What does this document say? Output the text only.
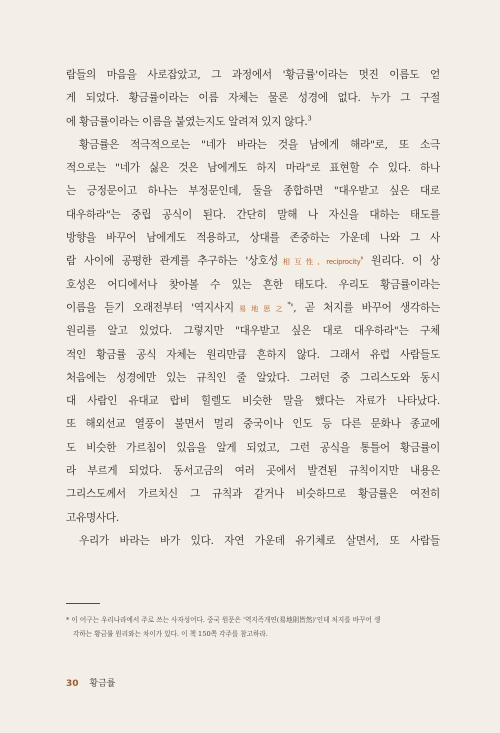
람들의 마음을 사로잡았고, 그 과정에서 '황금률'이라는 멋진 이름도 얻
게 되었다. 황금률이라는 이름 자체는 물론 성경에 없다. 누가 그 구절
에 황금률이라는 이름을 붙였는지도 알려져 있지 않다.$^3$
황금률은 적극적으로는 "네가 바라는 것을 남에게 해라"로, 또 소극
적으로는 "네가 싫은 것은 남에게도 하지 마라"로 표현할 수 있다. 하나
는 긍정문이고 하나는 부정문인데, 둘을 종합하면 "대우받고 싶은 대로
대우하라"는 중립 공식이 된다. 간단히 말해 나 자신을 대하는 태도를
방향을 바꾸어 남에게도 적용하고, 상대를 존중하는 가운데 나와 그 사
람 사이에 공평한 관계를 추구하는 '상호성相互性, reciprocity' 원리다. 이 상
호성은 어디에서나 찾아볼 수 있는 흔한 태도다. 우리도 황금률이라는
이름을 듣기 오래전부터 '역지사지易地思之*', 곧 처지를 바꾸어 생각하는
원리를 알고 있었다. 그렇지만 "대우받고 싶은 대로 대우하라"는 구체
적인 황금률 공식 자체는 원리만큼 흔하지 않다. 그래서 유럽 사람들도
처음에는 성경에만 있는 규칙인 줄 알았다. 그러던 중 그리스도와 동시
대 사람인 유대교 랍비 힐렐도 비슷한 말을 했다는 자료가 나타났다.
또 해외선교 열풍이 불면서 멀리 중국이나 인도 등 다른 문화나 종교에
도 비슷한 가르침이 있음을 알게 되었고, 그런 공식을 통틀어 황금률이
라 부르게 되었다. 동서고금의 여러 곳에서 발견된 규칙이지만 내용은
그리스도께서 가르치신 그 규칙과 같거나 비슷하므로 황금률은 여전히
고유명사다.
우리가 바라는 바가 있다. 자연 가운데 유기체로 살면서, 또 사람들
* 이 어구는 우리나라에서 주로 쓰는 사자성어다. 중국 원문은 '역지즉개연(易地則皆然)'인데 처지를 바꾸어 생
각하는 황금률 원리와는 차이가 있다. 이 책 150쪽 각주를 참고하라.
30 황금률
